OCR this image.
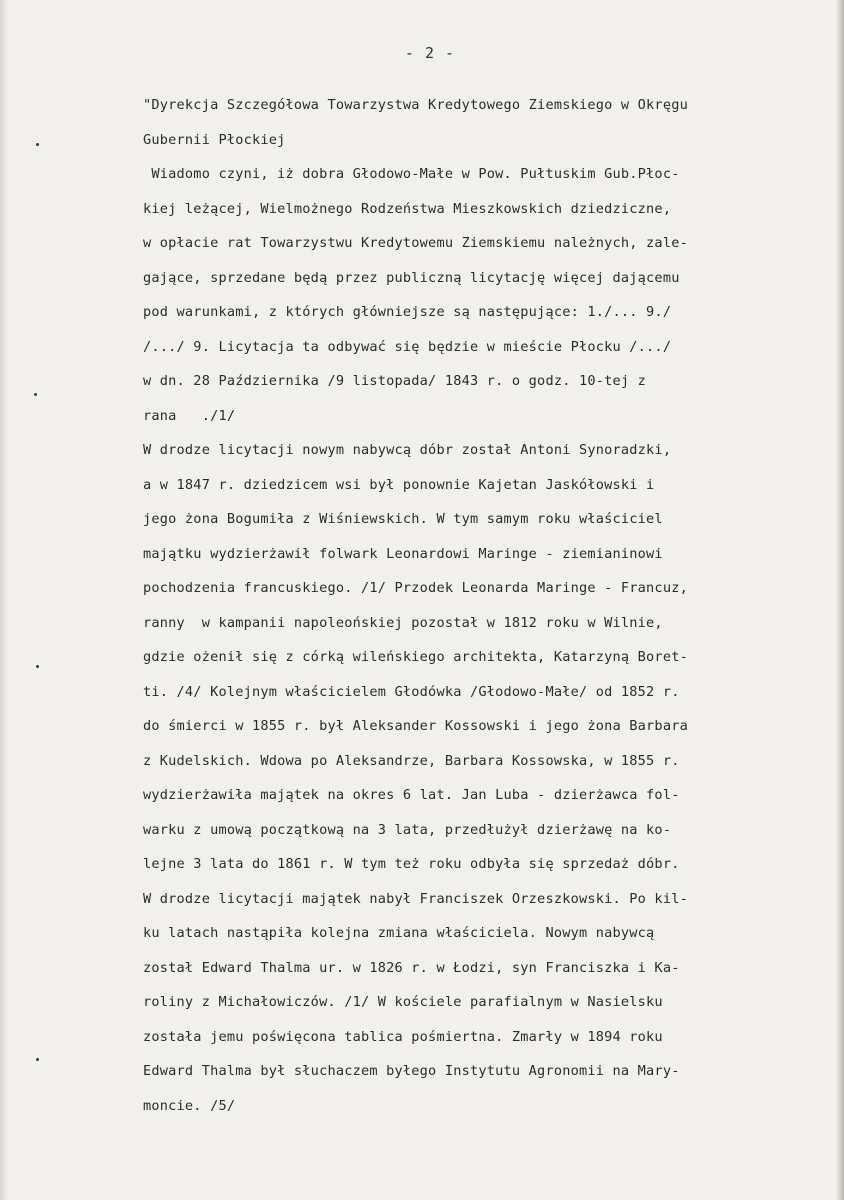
- 2 -
"Dyrekcja Szczegółowa Towarzystwa Kredytowego Ziemskiego w Okręgu
Gubernii Płockiej
Wiadomo czyni, iż dobra Głodowo-Małe w Pow. Pułtuskim Gub.Płoc-
kiej leżącej, Wielmożnego Rodzeństwa Mieszkowskich dziedziczne,
w opłacie rat Towarzystwu Kredytowemu Ziemskiemu należnych, zale-
gające, sprzedane będą przez publiczną licytację więcej dającemu
pod warunkami, z których główniejsze są następujące: 1./... 9./
/.../ 9. Licytacja ta odbywać się będzie w mieście Płocku /.../
w dn. 28 Października /9 listopada/ 1843 r. o godz. 10-tej z
rana   ./1/
W drodze licytacji nowym nabywcą dóbr został Antoni Synoradzki,
a w 1847 r. dziedzicem wsi był ponownie Kajetan Jaskółowski i
jego żona Bogumiła z Wiśniewskich. W tym samym roku właściciel
majątku wydzierżawił folwark Leonardowi Maringe - ziemianinowi
pochodzenia francuskiego. /1/ Przodek Leonarda Maringe - Francuz,
ranny  w kampanii napoleońskiej pozostał w 1812 roku w Wilnie,
gdzie ożenił się z córką wileńskiego architekta, Katarzyną Boret-
ti. /4/ Kolejnym właścicielem Głodówka /Głodowo-Małe/ od 1852 r.
do śmierci w 1855 r. był Aleksander Kossowski i jego żona Barbara
z Kudelskich. Wdowa po Aleksandrze, Barbara Kossowska, w 1855 r.
wydzierżawiła majątek na okres 6 lat. Jan Luba - dzierżawca fol-
warku z umową początkową na 3 lata, przedłużył dzierżawę na ko-
lejne 3 lata do 1861 r. W tym też roku odbyła się sprzedaż dóbr.
W drodze licytacji majątek nabył Franciszek Orzeszkowski. Po kil-
ku latach nastąpiła kolejna zmiana właściciela. Nowym nabywcą
został Edward Thalma ur. w 1826 r. w Łodzi, syn Franciszka i Ka-
roliny z Michałowiczów. /1/ W kościele parafialnym w Nasielsku
została jemu poświęcona tablica pośmiertna. Zmarły w 1894 roku
Edward Thalma był słuchaczem byłego Instytutu Agronomii na Mary-
moncie. /5/
